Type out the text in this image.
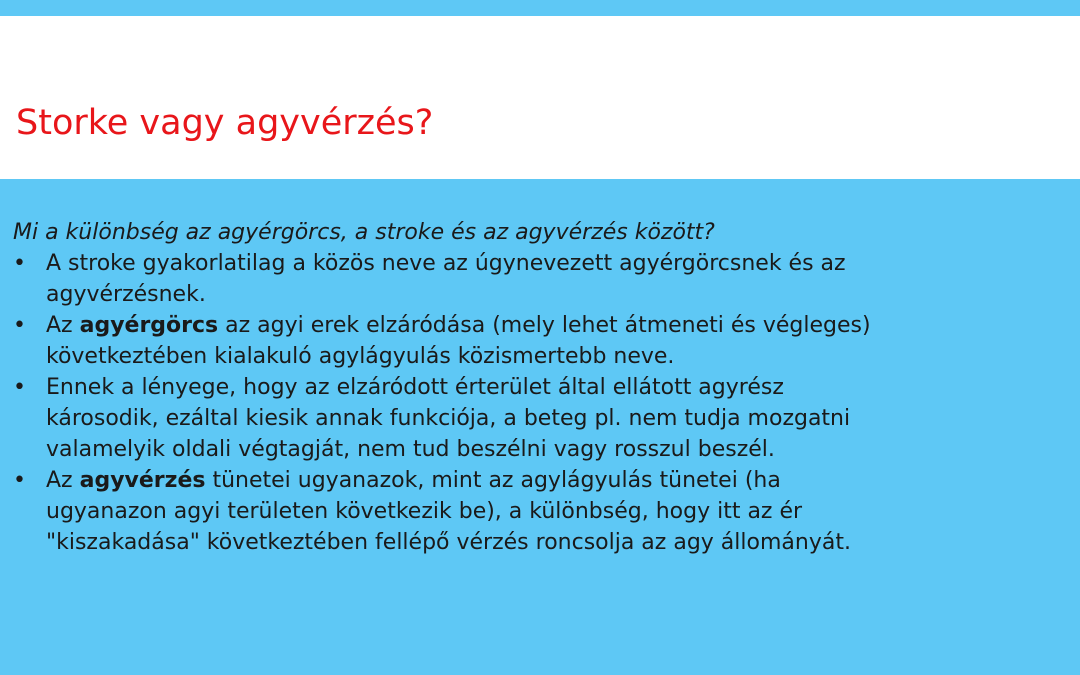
Storke vagy agyvérzés?

Mi a különbség az agyérgörcs, a stroke és az agyvérzés között?

• A stroke gyakorlatilag a közös neve az úgynevezett agyérgörcsnek és az
agyvérzésnek.
• Az agyérgörcs az agyi erek elzáródása (mely lehet átmeneti és végleges)
következtében kialakuló agylágyulás közismertebb neve.
• Ennek a lényege, hogy az elzáródott érterület által ellátott agyrész
károsodik, ezáltal kiesik annak funkciója, a beteg pl. nem tudja mozgatni
valamelyik oldali végtagját, nem tud beszélni vagy rosszul beszél.
• Az agyvérzés tünetei ugyanazok, mint az agylágyulás tünetei (ha
ugyanazon agyi területen következik be), a különbség, hogy itt az ér
"kiszakadása" következtében fellépő vérzés roncsolja az agy állományát.
